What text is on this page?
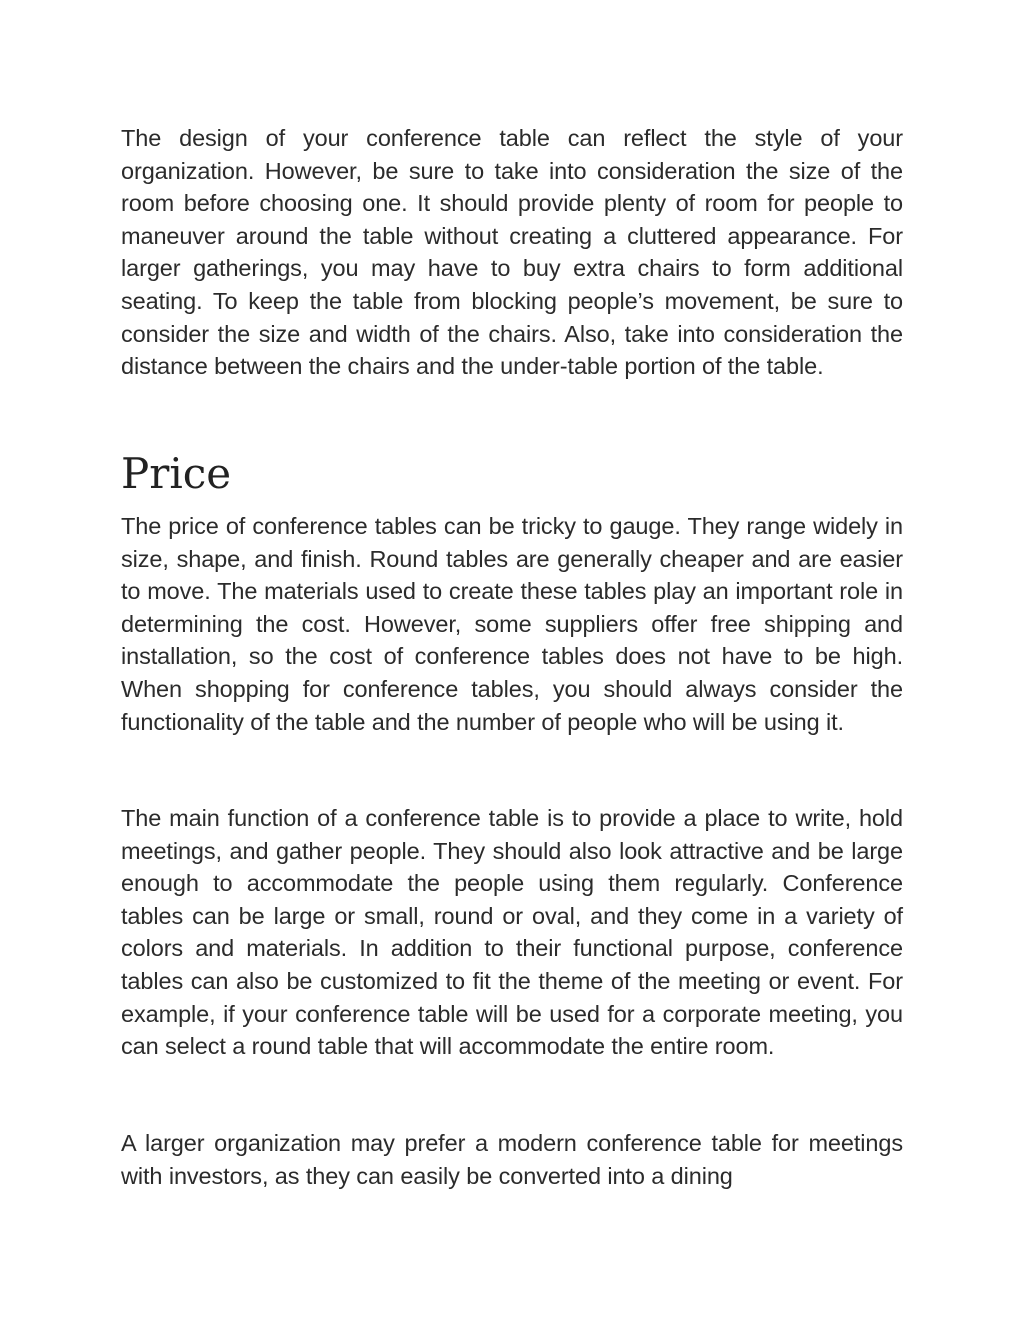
The design of your conference table can reflect the style of your organization. However, be sure to take into consideration the size of the room before choosing one. It should provide plenty of room for people to maneuver around the table without creating a cluttered appearance. For larger gatherings, you may have to buy extra chairs to form additional seating. To keep the table from blocking people’s movement, be sure to consider the size and width of the chairs. Also, take into consideration the distance between the chairs and the under-table portion of the table.

Price

The price of conference tables can be tricky to gauge. They range widely in size, shape, and finish. Round tables are generally cheaper and are easier to move. The materials used to create these tables play an important role in determining the cost. However, some suppliers offer free shipping and installation, so the cost of conference tables does not have to be high. When shopping for conference tables, you should always consider the functionality of the table and the number of people who will be using it.

The main function of a conference table is to provide a place to write, hold meetings, and gather people. They should also look attractive and be large enough to accommodate the people using them regularly. Conference tables can be large or small, round or oval, and they come in a variety of colors and materials. In addition to their functional purpose, conference tables can also be customized to fit the theme of the meeting or event. For example, if your conference table will be used for a corporate meeting, you can select a round table that will accommodate the entire room.

A larger organization may prefer a modern conference table for meetings with investors, as they can easily be converted into a dining
